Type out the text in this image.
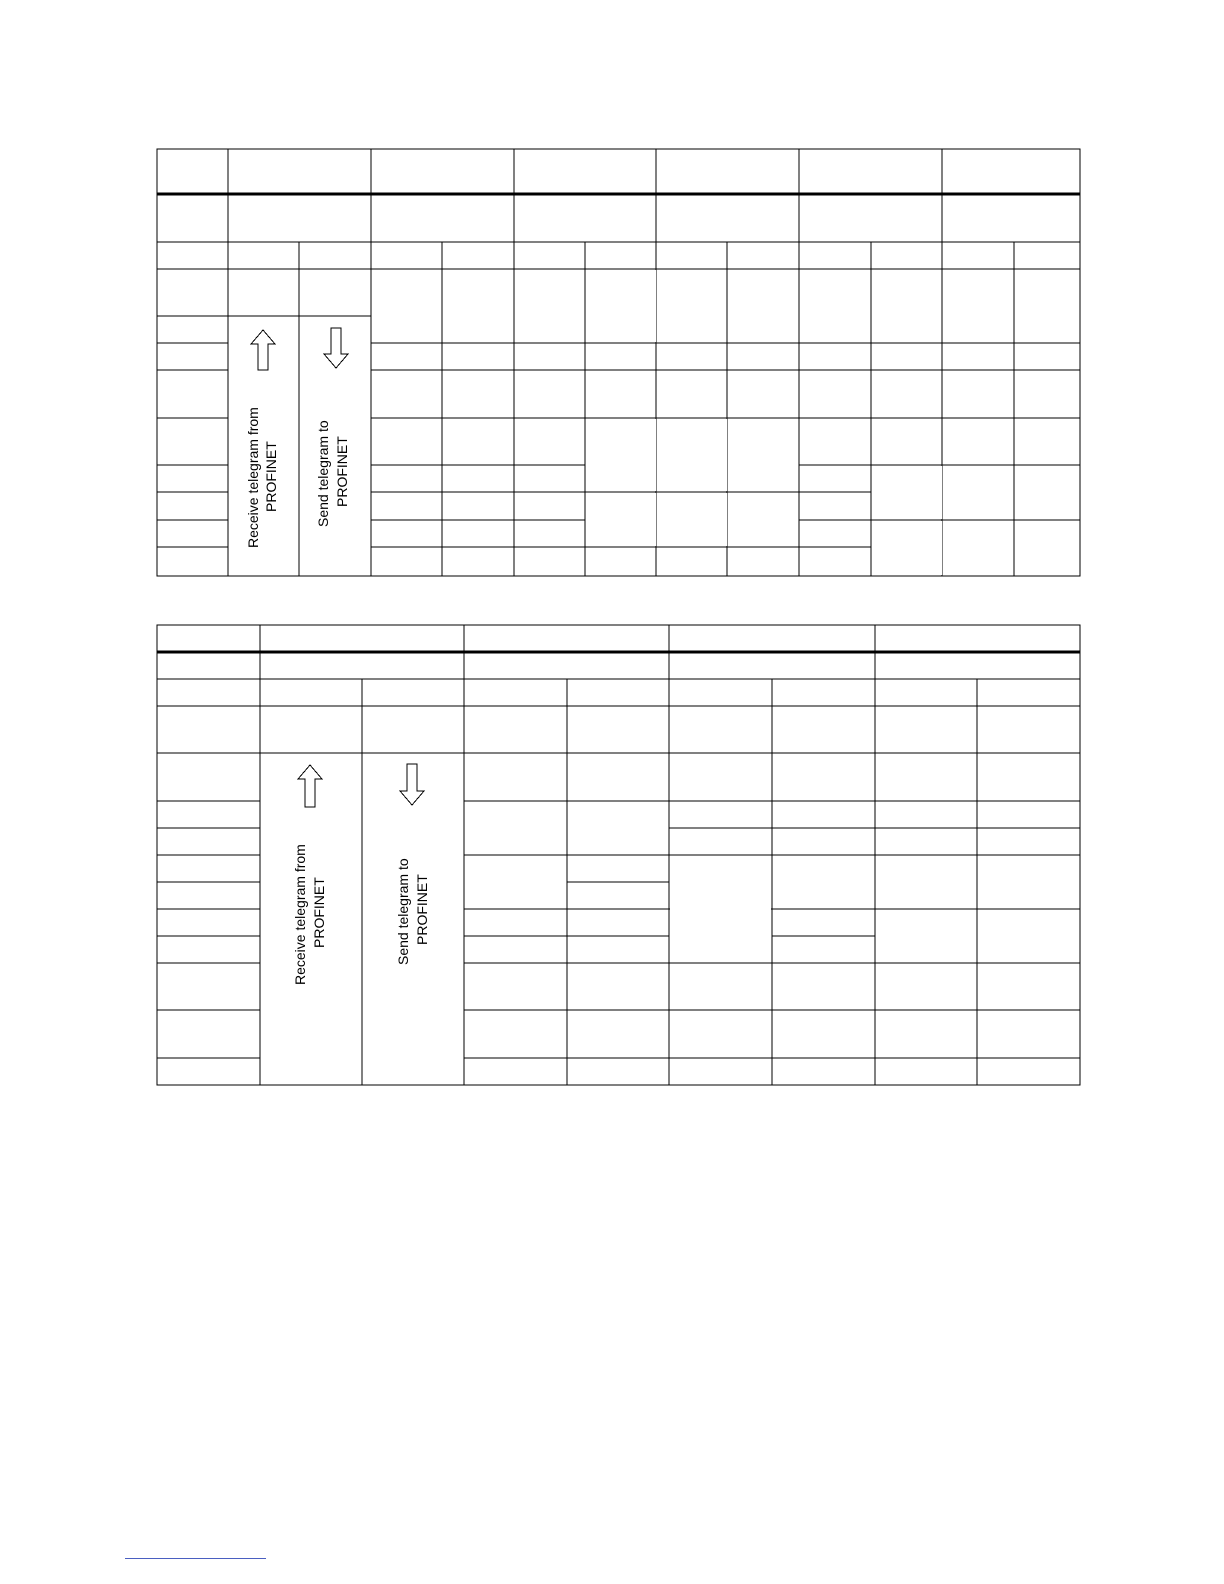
Receive telegram from PROFINET	Send telegram to PROFINET
Receive telegram from PROFINET	Send telegram to PROFINET
